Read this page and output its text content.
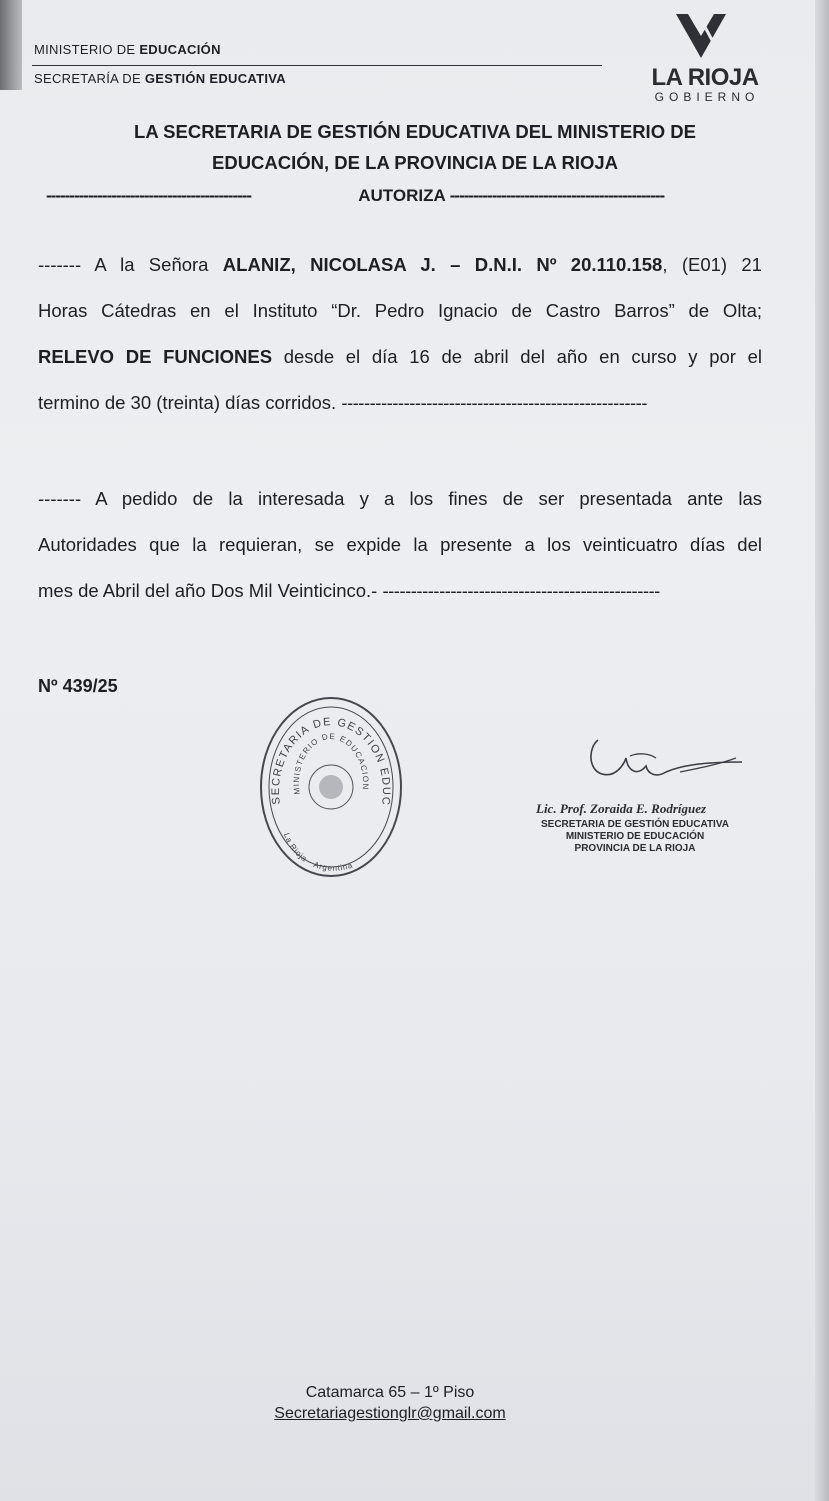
MINISTERIO DE EDUCACIÓN
SECRETARÍA DE GESTIÓN EDUCATIVA	LA RIOJA
GOBIERNO
LA SECRETARIA DE GESTIÓN EDUCATIVA DEL MINISTERIO DE
EDUCACIÓN, DE LA PROVINCIA DE LA RIOJA
--------------------------------------------	AUTORIZA ----------------------------------------------
------- A la Señora ALANIZ, NICOLASA J. – D.N.I. Nº 20.110.158, (E01) 21
Horas Cátedras en el Instituto “Dr. Pedro Ignacio de Castro Barros” de Olta;
RELEVO DE FUNCIONES desde el día 16 de abril del año en curso y por el
termino de 30 (treinta) días corridos. ------------------------------------------------------
------- A pedido de la interesada y a los fines de ser presentada ante las
Autoridades que la requieran, se expide la presente a los veinticuatro días del
mes de Abril del año Dos Mil Veinticinco.- -------------------------------------------------
Nº 439/25
SECRETARIA DE GESTION EDUC
MINISTERIO DE EDUCACION
La Rioja - Argentina
Lic. Prof. Zoraida E. Rodríguez
SECRETARIA DE GESTIÓN EDUCATIVA
MINISTERIO DE EDUCACIÓN
PROVINCIA DE LA RIOJA
Catamarca 65 – 1º Piso
Secretariagestionglr@gmail.com
